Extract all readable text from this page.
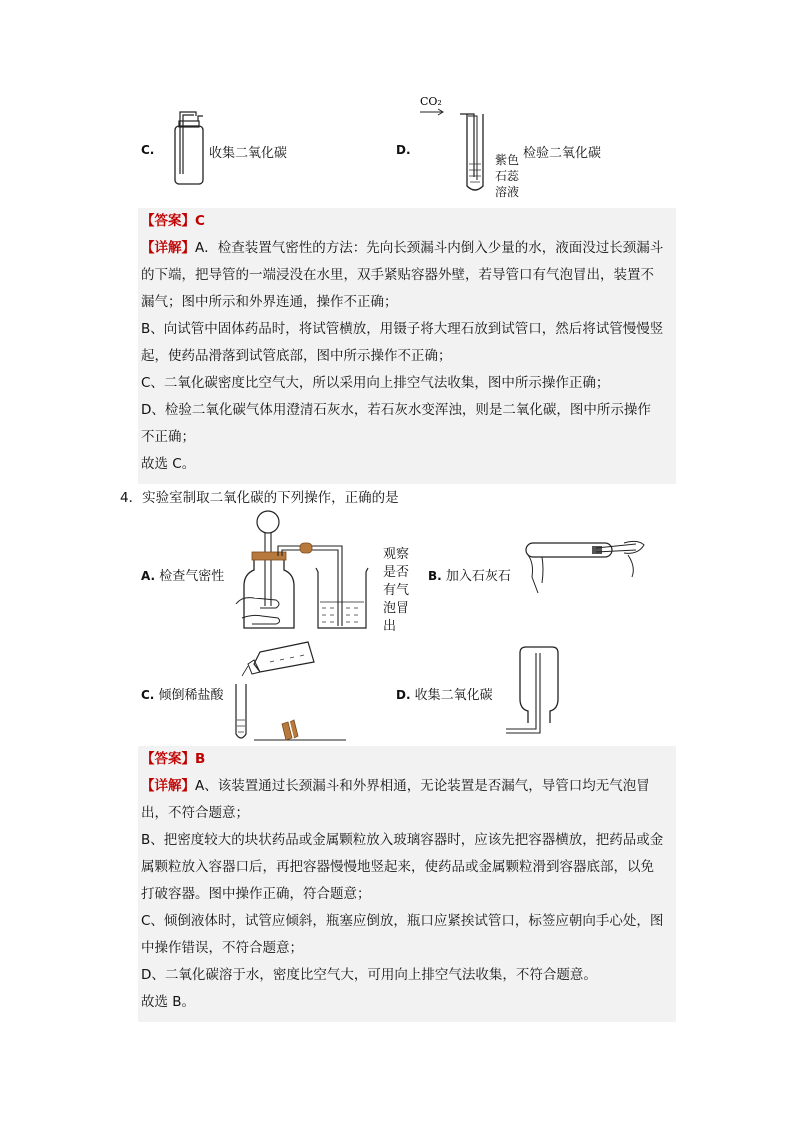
C.	收集二氧化碳	D.
CO₂
紫色
石蕊
溶液
检验二氧化碳
【答案】C
【详解】A．检查装置气密性的方法：先向长颈漏斗内倒入少量的水，液面没过长颈漏斗
的下端，把导管的一端浸没在水里，双手紧贴容器外壁，若导管口有气泡冒出，装置不
漏气；图中所示和外界连通，操作不正确；
B、向试管中固体药品时，将试管横放，用镊子将大理石放到试管口，然后将试管慢慢竖
起，使药品滑落到试管底部，图中所示操作不正确；
C、二氧化碳密度比空气大，所以采用向上排空气法收集，图中所示操作正确；
D、检验二氧化碳气体用澄清石灰水，若石灰水变浑浊，则是二氧化碳，图中所示操作
不正确；
故选 C。
4．实验室制取二氧化碳的下列操作，正确的是
A. 检查气密性
观察
是否
有气
泡冒
出
B. 加入石灰石
C. 倾倒稀盐酸	D. 收集二氧化碳
【答案】B
【详解】A、该装置通过长颈漏斗和外界相通，无论装置是否漏气，导管口均无气泡冒
出，不符合题意；
B、把密度较大的块状药品或金属颗粒放入玻璃容器时，应该先把容器横放，把药品或金
属颗粒放入容器口后，再把容器慢慢地竖起来，使药品或金属颗粒滑到容器底部，以免
打破容器。图中操作正确，符合题意；
C、倾倒液体时，试管应倾斜，瓶塞应倒放，瓶口应紧挨试管口，标签应朝向手心处，图
中操作错误，不符合题意；
D、二氧化碳溶于水，密度比空气大，可用向上排空气法收集，不符合题意。
故选 B。
